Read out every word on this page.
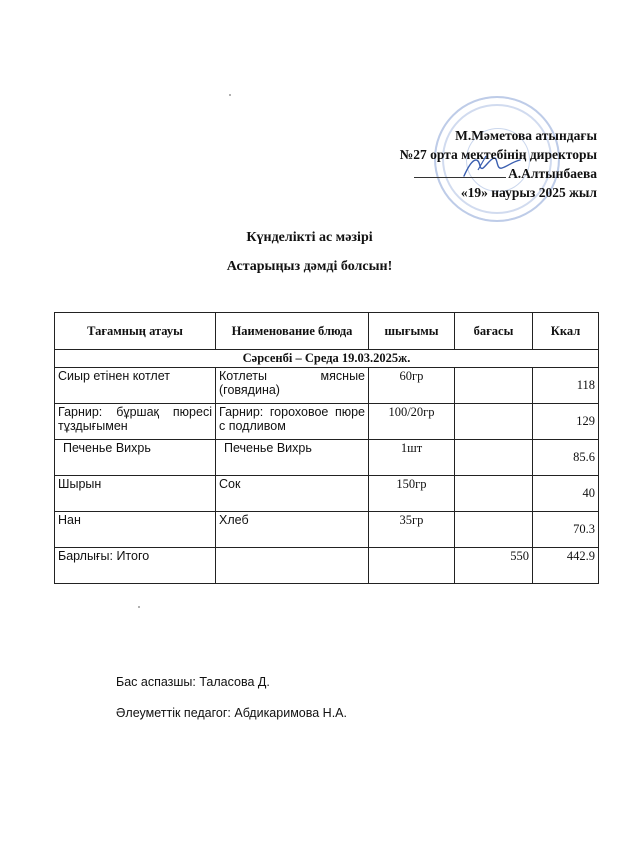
М.Мәметова атындағы
№27 орта мектебінің директоры
А.Алтынбаева
«19» наурыз 2025 жыл
Күнделікті ас мәзірі
Астарыңыз дәмді болсын!
Тағамның атауы	Наименование блюда	шығымы	бағасы	Ккал
Сәрсенбі – Среда 19.03.2025ж.				
Сиыр етінен котлет	Котлеты мясные (говядина)	60гр		118
Гарнир: бұршақ пюресі тұздығымен	Гарнир: гороховое пюре с подливом	100/20гр		129
Печенье Вихрь	Печенье Вихрь	1шт		85.6
Шырын	Сок	150гр		40
Нан	Хлеб	35гр		70.3
Барлығы: Итого			550	442.9
Бас аспазшы: Таласова Д.
Әлеуметтік педагог: Абдикаримова Н.А.
